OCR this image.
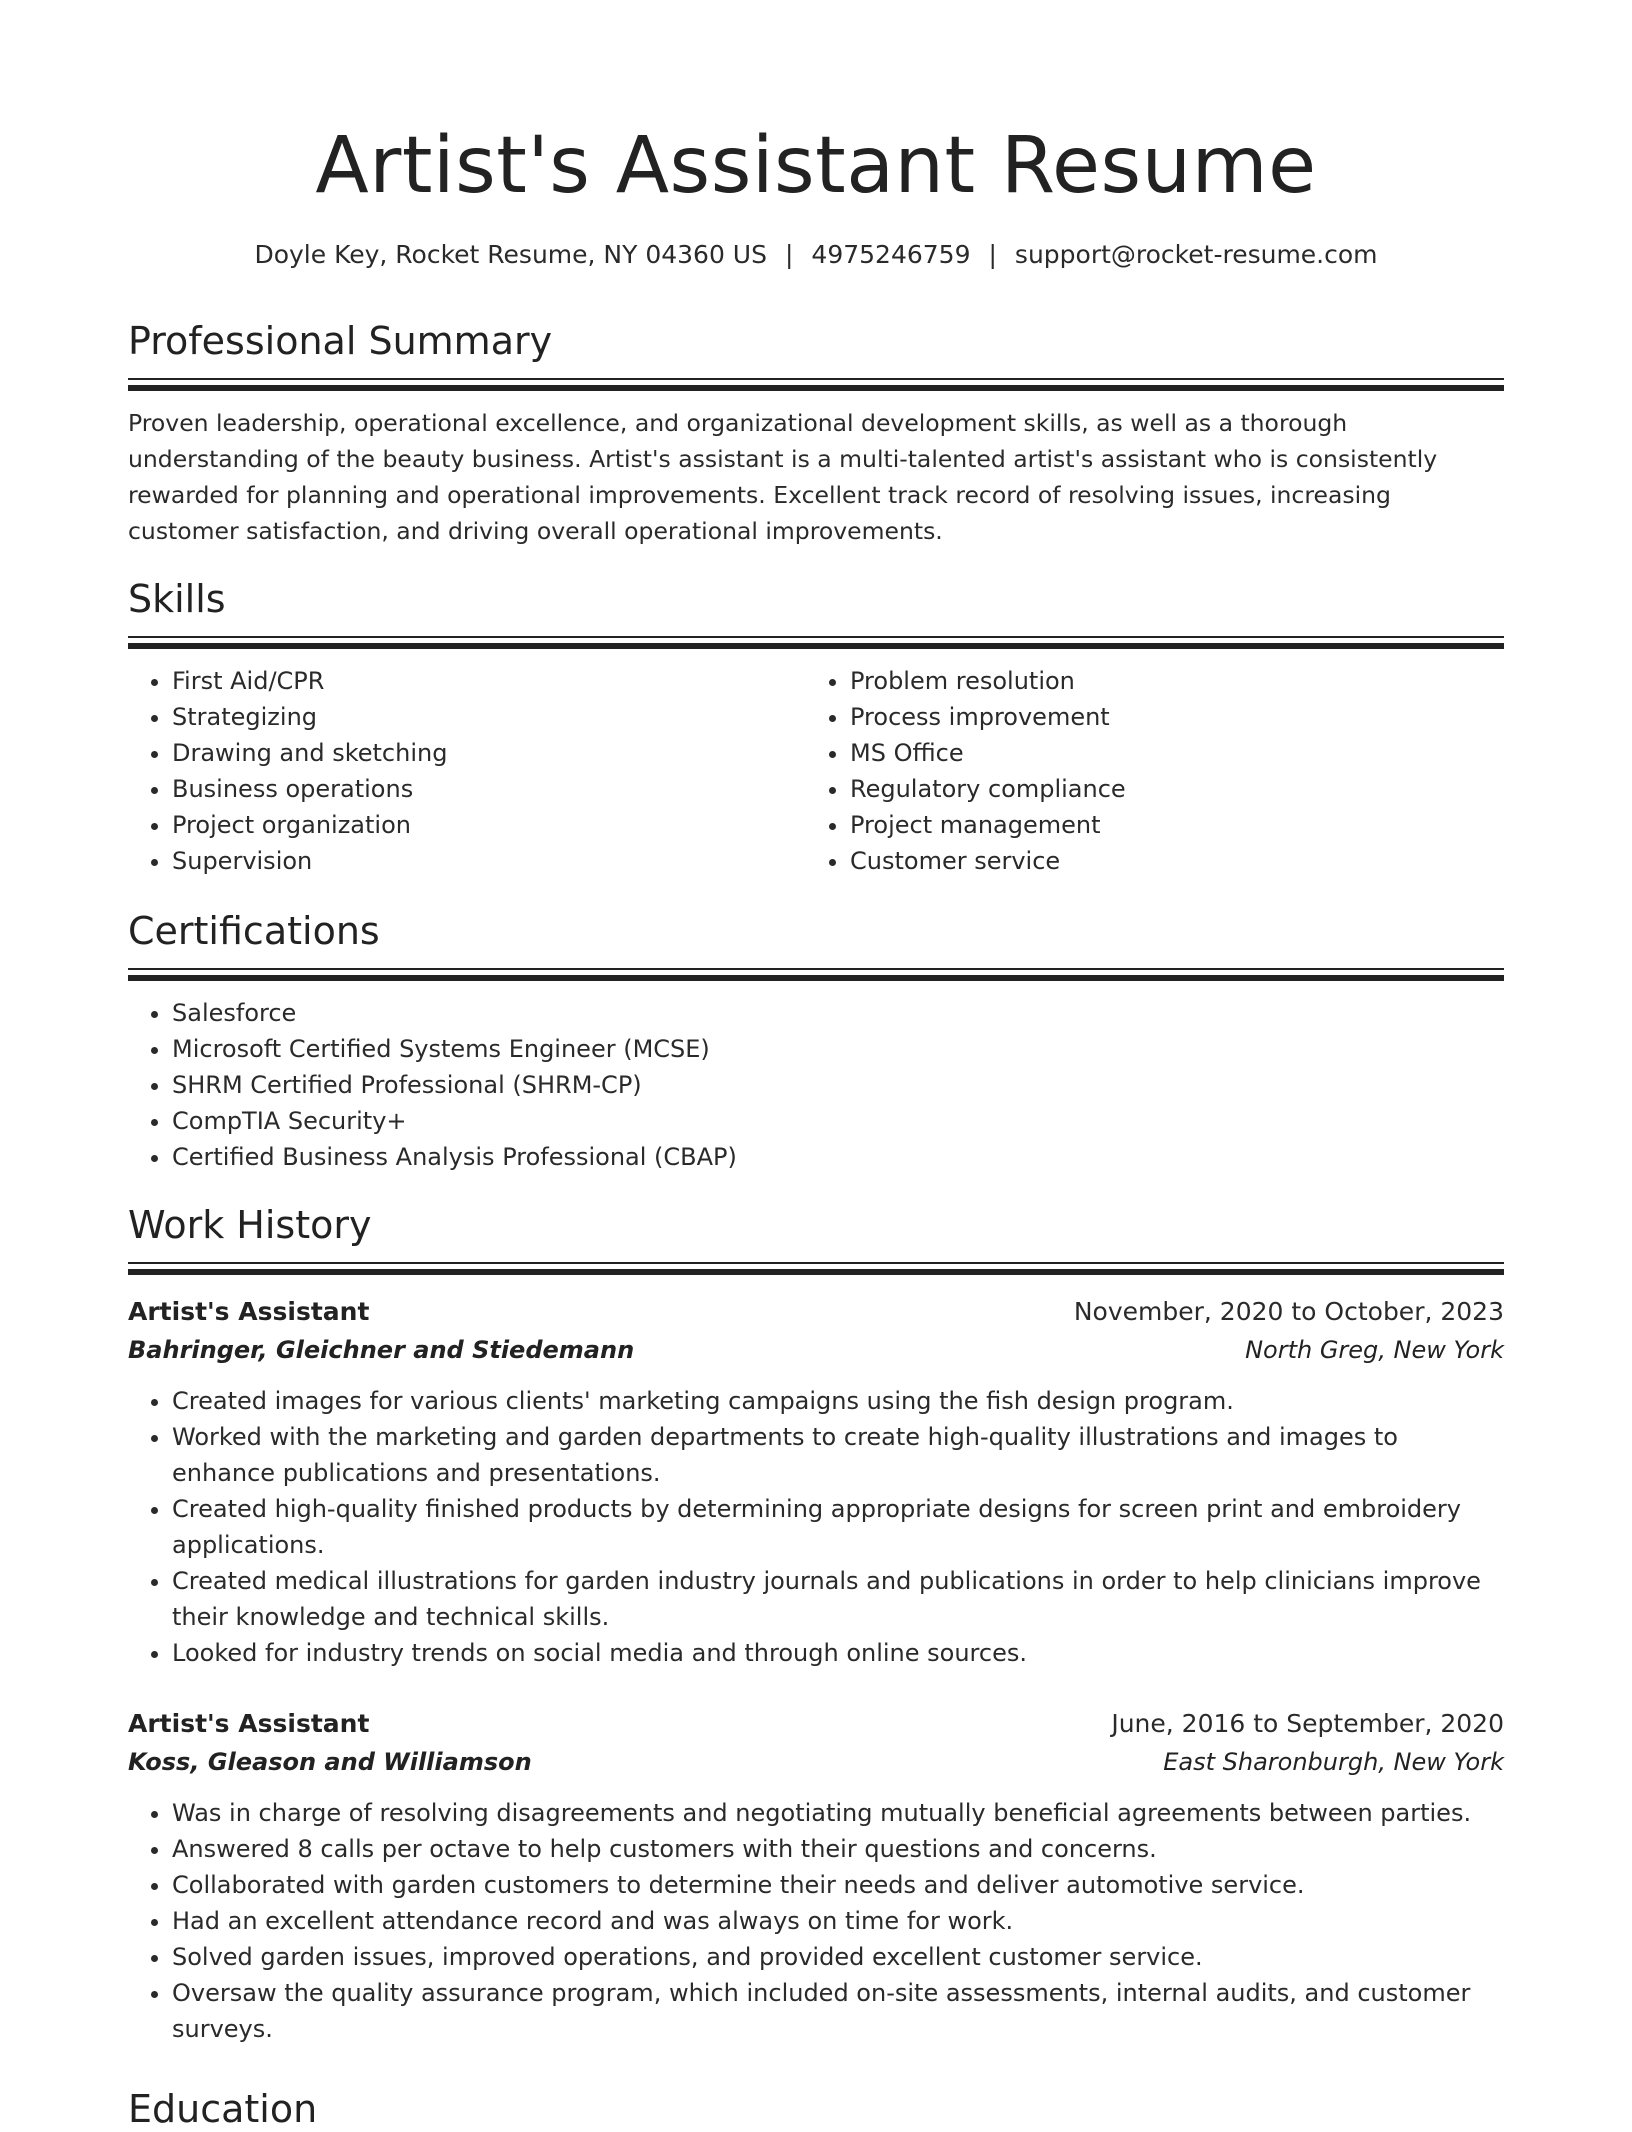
Artist's Assistant Resume
Doyle Key, Rocket Resume, NY 04360 US | 4975246759 | support@rocket-resume.com
Professional Summary
Proven leadership, operational excellence, and organizational development skills, as well as a thorough understanding of the beauty business. Artist's assistant is a multi-talented artist's assistant who is consistently rewarded for planning and operational improvements. Excellent track record of resolving issues, increasing customer satisfaction, and driving overall operational improvements.
Skills
• First Aid/CPR
• Strategizing
• Drawing and sketching
• Business operations
• Project organization
• Supervision
• Problem resolution
• Process improvement
• MS Office
• Regulatory compliance
• Project management
• Customer service
Certifications
• Salesforce
• Microsoft Certified Systems Engineer (MCSE)
• SHRM Certified Professional (SHRM-CP)
• CompTIA Security+
• Certified Business Analysis Professional (CBAP)
Work History
Artist's Assistant	November, 2020 to October, 2023
Bahringer, Gleichner and Stiedemann	North Greg, New York
• Created images for various clients' marketing campaigns using the fish design program.
• Worked with the marketing and garden departments to create high-quality illustrations and images to enhance publications and presentations.
• Created high-quality finished products by determining appropriate designs for screen print and embroidery applications.
• Created medical illustrations for garden industry journals and publications in order to help clinicians improve their knowledge and technical skills.
• Looked for industry trends on social media and through online sources.
Artist's Assistant	June, 2016 to September, 2020
Koss, Gleason and Williamson	East Sharonburgh, New York
• Was in charge of resolving disagreements and negotiating mutually beneficial agreements between parties.
• Answered 8 calls per octave to help customers with their questions and concerns.
• Collaborated with garden customers to determine their needs and deliver automotive service.
• Had an excellent attendance record and was always on time for work.
• Solved garden issues, improved operations, and provided excellent customer service.
• Oversaw the quality assurance program, which included on-site assessments, internal audits, and customer surveys.
Education
